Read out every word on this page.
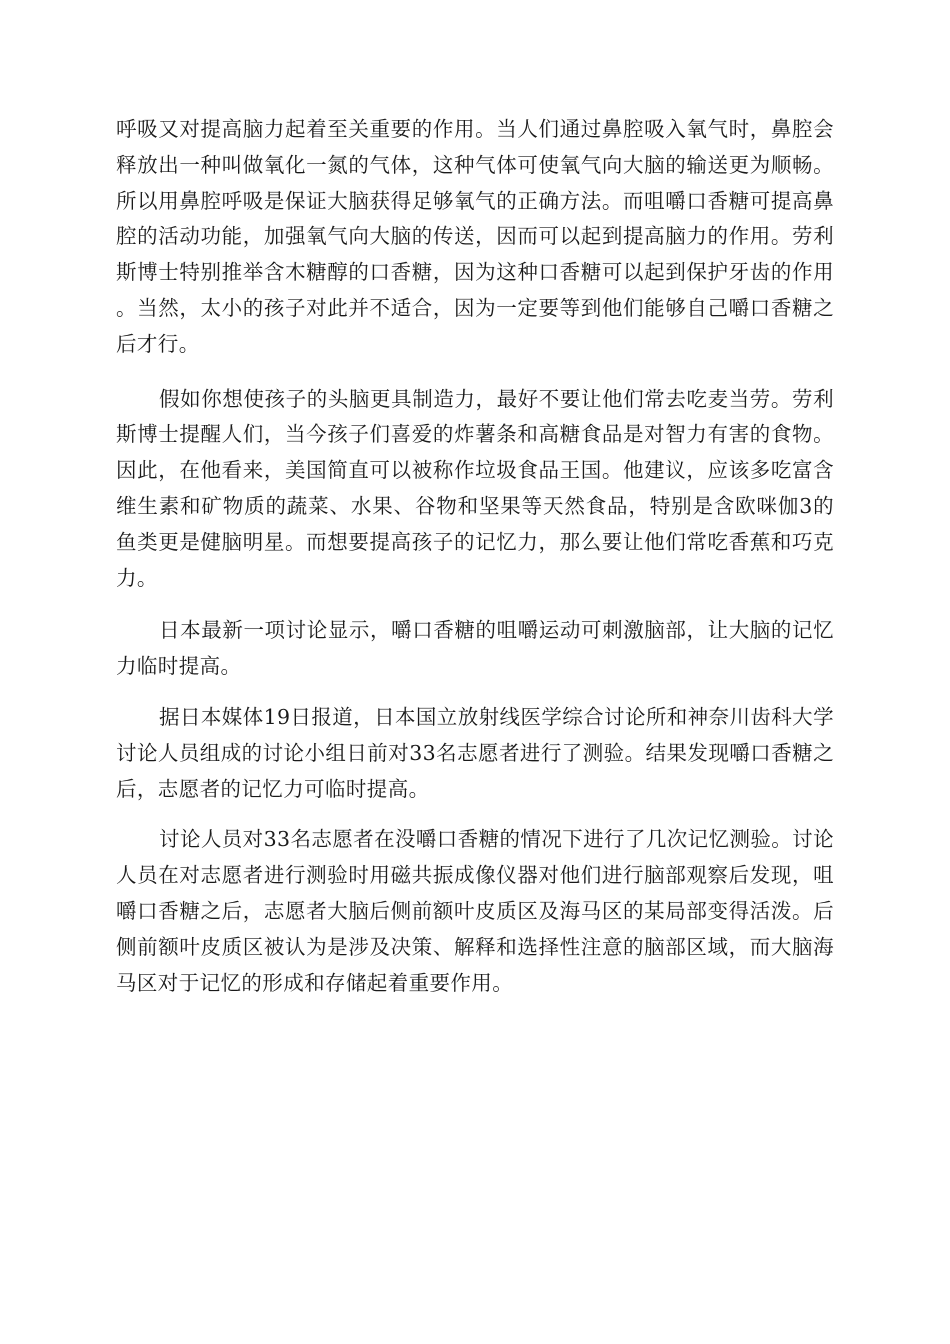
呼吸又对提高脑力起着至关重要的作用。当人们通过鼻腔吸入氧气时，鼻腔会释放出一种叫做氧化一氮的气体，这种气体可使氧气向大脑的输送更为顺畅。所以用鼻腔呼吸是保证大脑获得足够氧气的正确方法。而咀嚼口香糖可提高鼻腔的活动功能，加强氧气向大脑的传送，因而可以起到提高脑力的作用。劳利斯博士特别推举含木糖醇的口香糖，因为这种口香糖可以起到保护牙齿的作用。当然，太小的孩子对此并不适合，因为一定要等到他们能够自己嚼口香糖之后才行。

假如你想使孩子的头脑更具制造力，最好不要让他们常去吃麦当劳。劳利斯博士提醒人们，当今孩子们喜爱的炸薯条和高糖食品是对智力有害的食物。因此，在他看来，美国简直可以被称作垃圾食品王国。他建议，应该多吃富含维生素和矿物质的蔬菜、水果、谷物和坚果等天然食品，特别是含欧咪伽3的鱼类更是健脑明星。而想要提高孩子的记忆力，那么要让他们常吃香蕉和巧克力。

日本最新一项讨论显示，嚼口香糖的咀嚼运动可刺激脑部，让大脑的记忆力临时提高。

据日本媒体19日报道，日本国立放射线医学综合讨论所和神奈川齿科大学讨论人员组成的讨论小组日前对33名志愿者进行了测验。结果发现嚼口香糖之后，志愿者的记忆力可临时提高。

讨论人员对33名志愿者在没嚼口香糖的情况下进行了几次记忆测验。讨论人员在对志愿者进行测验时用磁共振成像仪器对他们进行脑部观察后发现，咀嚼口香糖之后，志愿者大脑后侧前额叶皮质区及海马区的某局部变得活泼。后侧前额叶皮质区被认为是涉及决策、解释和选择性注意的脑部区域，而大脑海马区对于记忆的形成和存储起着重要作用。
